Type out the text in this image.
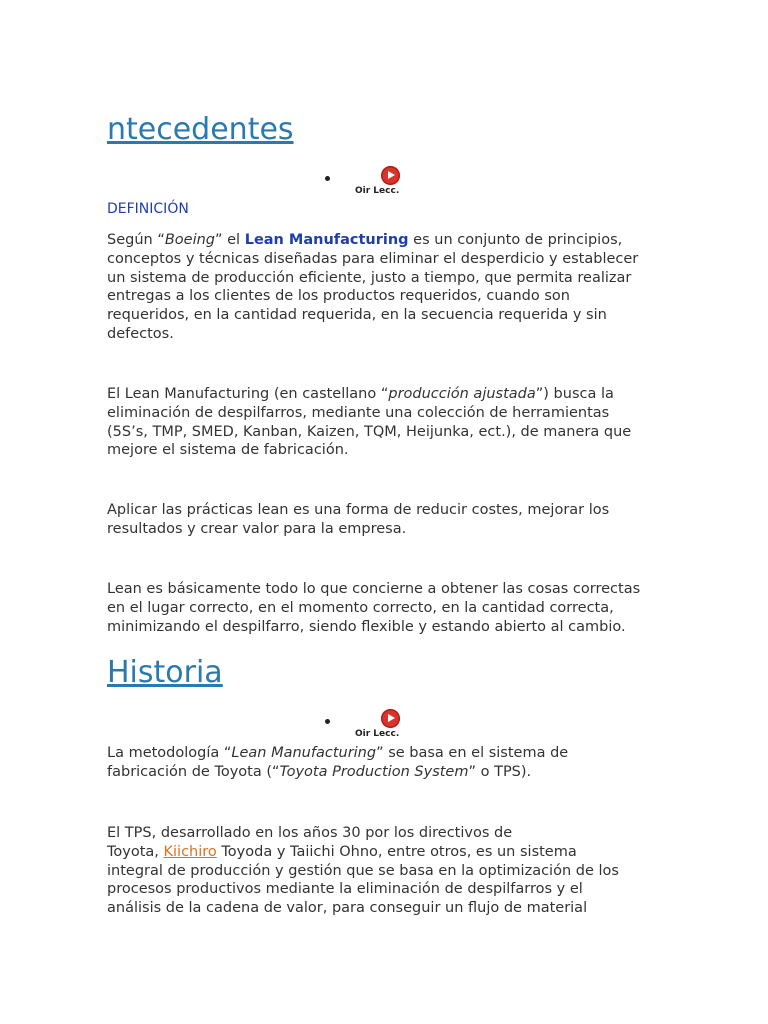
ntecedentes
Oir Lecc.
DEFINICIÓN

Según “Boeing” el Lean Manufacturing es un conjunto de principios,
conceptos y técnicas diseñadas para eliminar el desperdicio y establecer
un sistema de producción eficiente, justo a tiempo, que permita realizar
entregas a los clientes de los productos requeridos, cuando son
requeridos, en la cantidad requerida, en la secuencia requerida y sin
defectos.

El Lean Manufacturing (en castellano “producción ajustada”) busca la
eliminación de despilfarros, mediante una colección de herramientas
(5S’s, TMP, SMED, Kanban, Kaizen, TQM, Heijunka, ect.), de manera que
mejore el sistema de fabricación.

Aplicar las prácticas lean es una forma de reducir costes, mejorar los
resultados y crear valor para la empresa.

Lean es básicamente todo lo que concierne a obtener las cosas correctas
en el lugar correcto, en el momento correcto, en la cantidad correcta,
minimizando el despilfarro, siendo flexible y estando abierto al cambio.

Historia
Oir Lecc.

La metodología “Lean Manufacturing” se basa en el sistema de
fabricación de Toyota (“Toyota Production System” o TPS).

El TPS, desarrollado en los años 30 por los directivos de
Toyota, Kiichiro Toyoda y Taiichi Ohno, entre otros, es un sistema
integral de producción y gestión que se basa en la optimización de los
procesos productivos mediante la eliminación de despilfarros y el
análisis de la cadena de valor, para conseguir un flujo de material
